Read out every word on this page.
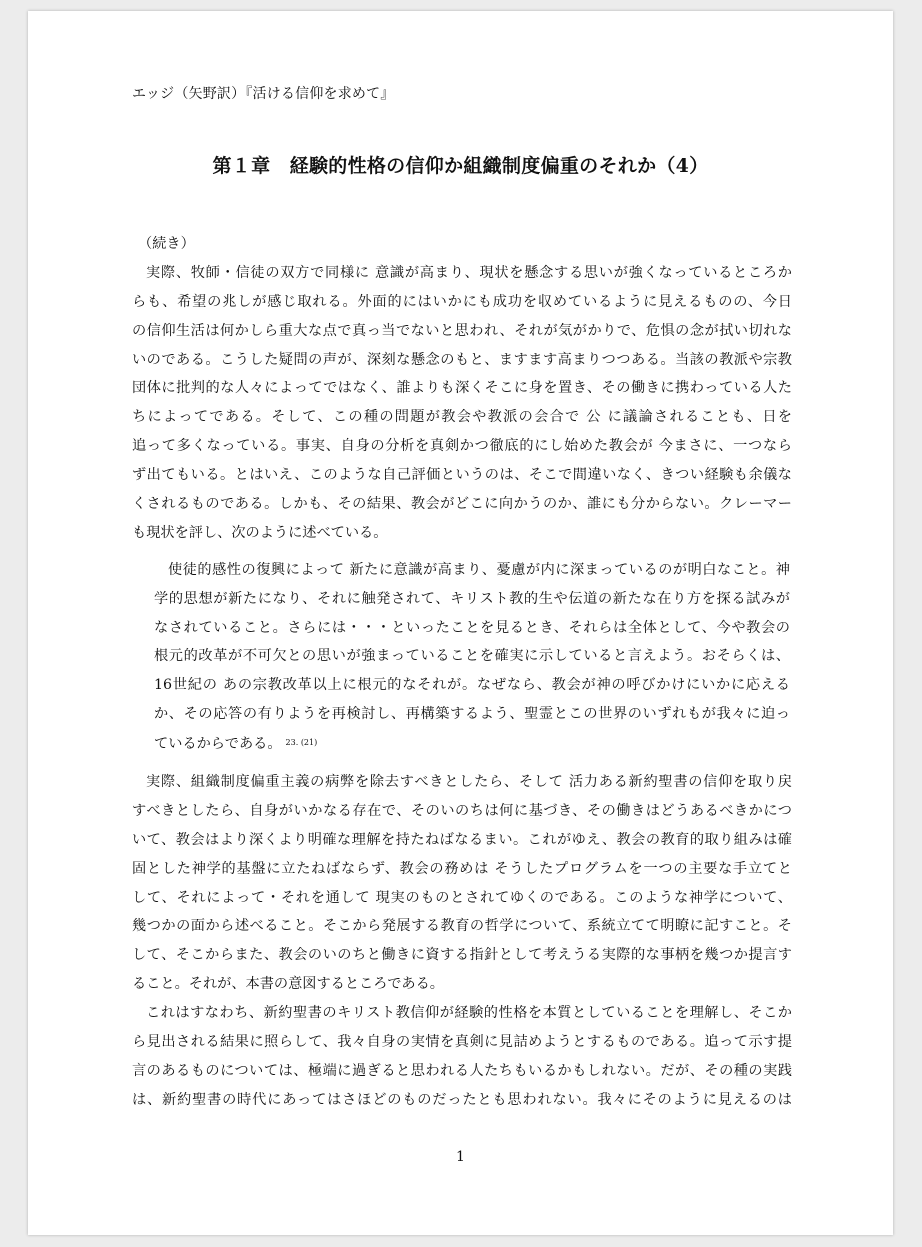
エッジ（矢野訳）『活ける信仰を求めて』
第１章　経験的性格の信仰か組織制度偏重のそれか（4）

（続き）

実際、牧師・信徒の双方で同様に 意識が高まり、現状を懸念する思いが強くなっているところか

らも、希望の兆しが感じ取れる。外面的にはいかにも成功を収めているように見えるものの、今日
の信仰生活は何かしら重大な点で真っ当でないと思われ、それが気がかりで、危惧の念が拭い切れな
いのである。こうした疑問の声が、深刻な懸念のもと、ますます高まりつつある。当該の教派や宗教
団体に批判的な人々によってではなく、誰よりも深くそこに身を置き、その働きに携わっている人た
ちによってである。そして、この種の問題が教会や教派の会合で 公 に議論されることも、日を
追って多くなっている。事実、自身の分析を真剣かつ徹底的にし始めた教会が 今まさに、一つなら
ず出てもいる。とはいえ、このような自己評価というのは、そこで間違いなく、きつい経験も余儀な
くされるものである。しかも、その結果、教会がどこに向かうのか、誰にも分からない。クレーマー
も現状を評し、次のように述べている。

使徒的感性の復興によって 新たに意識が高まり、憂慮が内に深まっているのが明白なこと。神
学的思想が新たになり、それに触発されて、キリスト教的生や伝道の新たな在り方を探る試みが
なされていること。さらには・・・といったことを見るとき、それらは全体として、今や教会の
根元的改革が不可欠との思いが強まっていることを確実に示していると言えよう。おそらくは、
16世紀の あの宗教改革以上に根元的なそれが。なぜなら、教会が神の呼びかけにいかに応える
か、その応答の有りようを再検討し、再構築するよう、聖霊とこの世界のいずれもが我々に迫っ
ているからである。 $^{23. (21)}$

実際、組織制度偏重主義の病弊を除去すべきとしたら、そして 活力ある新約聖書の信仰を取り戻
すべきとしたら、自身がいかなる存在で、そのいのちは何に基づき、その働きはどうあるべきかにつ
いて、教会はより深くより明確な理解を持たねばなるまい。これがゆえ、教会の教育的取り組みは確
固とした神学的基盤に立たねばならず、教会の務めは そうしたプログラムを一つの主要な手立てと
して、それによって・それを通して 現実のものとされてゆくのである。このような神学について、
幾つかの面から述べること。そこから発展する教育の哲学について、系統立てて明瞭に記すこと。そ
して、そこからまた、教会のいのちと働きに資する指針として考えうる実際的な事柄を幾つか提言す
ること。それが、本書の意図するところである。

これはすなわち、新約聖書のキリスト教信仰が経験的性格を本質としていることを理解し、そこか
ら見出される結果に照らして、我々自身の実情を真剣に見詰めようとするものである。追って示す提
言のあるものについては、極端に過ぎると思われる人たちもいるかもしれない。だが、その種の実践
は、新約聖書の時代にあってはさほどのものだったとも思われない。我々にそのように見えるのは

1
